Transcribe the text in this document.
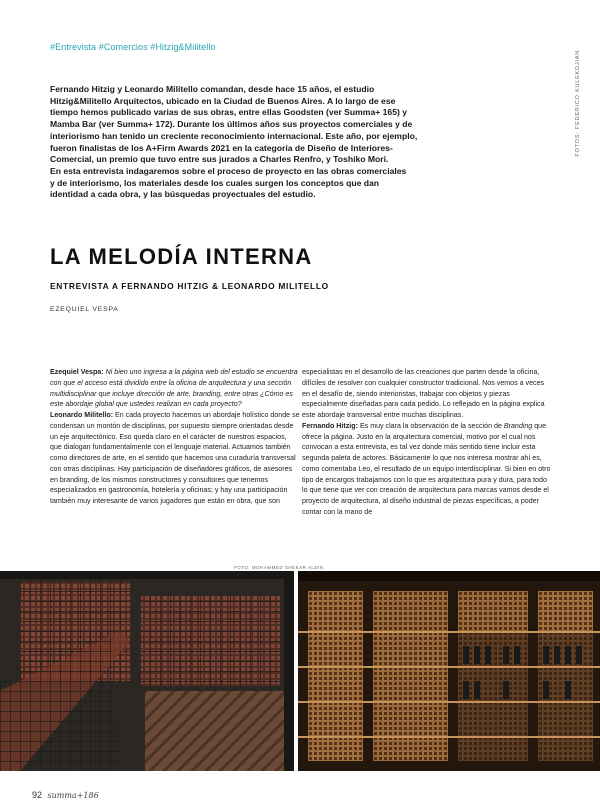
#Entrevista #Comercios #Hitzig&Militello
FOTOS: FEDERICO KULEKDJIAN

Fernando Hitzig y Leonardo Militello comandan, desde hace 15 años, el estudio

Hitzig&Militello Arquitectos, ubicado en la Ciudad de Buenos Aires. A lo largo de ese

tiempo hemos publicado varias de sus obras, entre ellas Goodsten (ver Summa+ 165) y

Mamba Bar (ver Summa+ 172). Durante los últimos años sus proyectos comerciales y de

interiorismo han tenido un creciente reconocimiento internacional. Este año, por ejemplo,

fueron finalistas de los A+Firm Awards 2021 en la categoría de Diseño de Interiores-

Comercial, un premio que tuvo entre sus jurados a Charles Renfro, y Toshiko Mori.

En esta entrevista indagaremos sobre el proceso de proyecto en las obras comerciales

y de interiorismo, los materiales desde los cuales surgen los conceptos que dan

identidad a cada obra, y las búsquedas proyectuales del estudio.

LA MELODÍA INTERNA
ENTREVISTA A FERNANDO HITZIG & LEONARDO MILITELLO
EZEQUIEL VESPA

Ezequiel Vespa: Ni bien uno ingresa a la página web del estudio se encuentra con que el acceso está dividido entre la oficina de arquitectura y una sección multidisciplinar que incluye dirección de arte, branding, entre otras ¿Cómo es este abordaje global que ustedes realizan en cada proyecto?

Leonardo Militello: En cada proyecto hacemos un abordaje holístico donde se condensan un montón de disciplinas, por supuesto siempre orientadas desde un eje arquitectónico. Eso queda claro en el carácter de nuestros espacios, que dialogan fundamentalmente con el lenguaje material. Actuamos también como directores de arte, en el sentido que hacemos una curaduría transversal con otras disciplinas. Hay participación de diseñadores gráficos, de asesores en branding, de los mismos constructores y consultores que tenemos especializados en gastronomía, hotelería y oficinas; y hay una participación también muy interesante de varios jugadores que están en obra, que son

especialistas en el desarrollo de las creaciones que parten desde la oficina, difíciles de resolver con cualquier constructor tradicional. Nos vemos a veces en el desafío de, siendo interioristas, trabajar con objetos y piezas especialmente diseñadas para cada pedido. Lo reflejado en la página explica este abordaje transversal entre muchas disciplinas.

Fernando Hitzig: Es muy clara la observación de la sección de Branding que ofrece la página. Justo en la arquitectura comercial, motivo por el cual nos convocan a esta entrevista, es tal vez donde más sentido tiene incluir esta segunda paleta de actores. Básicamente lo que nos interesa mostrar ahí es, como comentaba Leo, el resultado de un equipo interdisciplinar. Si bien en otro tipo de encargos trabajamos con lo que es arquitectura pura y dura, para todo lo que tiene que ver con creación de arquitectura para marcas vamos desde el proyecto de arquitectura, al diseño industrial de piezas específicas, a poder contar con la mano de

FOTO: MOHAMMED SHEKAR ALDIN
92 summa+186
